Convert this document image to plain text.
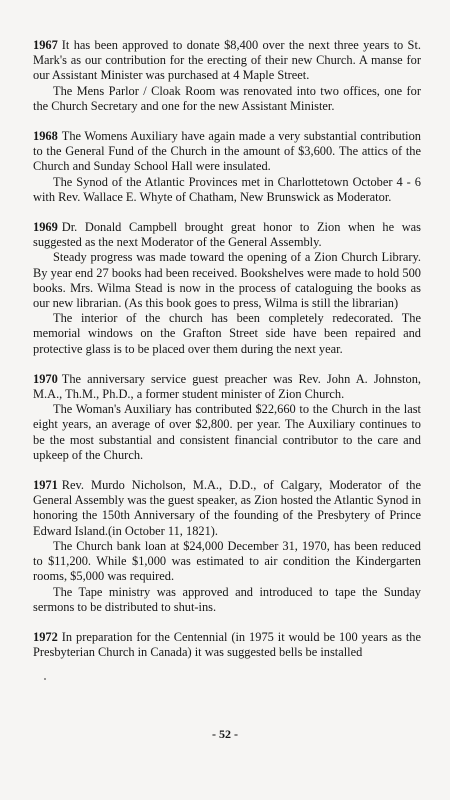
1967 It has been approved to donate $8,400 over the next three years to St. Mark's as our contribution for the erecting of their new Church. A manse for our Assistant Minister was purchased at 4 Maple Street.

The Mens Parlor / Cloak Room was renovated into two offices, one for the Church Secretary and one for the new Assistant Minister.

1968 The Womens Auxiliary have again made a very substantial contribution to the General Fund of the Church in the amount of $3,600. The attics of the Church and Sunday School Hall were insulated.

The Synod of the Atlantic Provinces met in Charlottetown October 4 - 6 with Rev. Wallace E. Whyte of Chatham, New Brunswick as Moderator.

1969 Dr. Donald Campbell brought great honor to Zion when he was suggested as the next Moderator of the General Assembly.

Steady progress was made toward the opening of a Zion Church Library. By year end 27 books had been received. Bookshelves were made to hold 500 books. Mrs. Wilma Stead is now in the process of cataloguing the books as our new librarian. (As this book goes to press, Wilma is still the librarian)

The interior of the church has been completely redecorated. The memorial windows on the Grafton Street side have been repaired and protective glass is to be placed over them during the next year.

1970 The anniversary service guest preacher was Rev. John A. Johnston, M.A., Th.M., Ph.D., a former student minister of Zion Church.

The Woman's Auxiliary has contributed $22,660 to the Church in the last eight years, an average of over $2,800. per year. The Auxiliary continues to be the most substantial and consistent financial contributor to the care and upkeep of the Church.

1971 Rev. Murdo Nicholson, M.A., D.D., of Calgary, Moderator of the General Assembly was the guest speaker, as Zion hosted the Atlantic Synod in honoring the 150th Anniversary of the founding of the Presbytery of Prince Edward Island.(in October 11, 1821).

The Church bank loan at $24,000 December 31, 1970, has been reduced to $11,200. While $1,000 was estimated to air condition the Kindergarten rooms, $5,000 was required.

The Tape ministry was approved and introduced to tape the Sunday sermons to be distributed to shut-ins.

1972 In preparation for the Centennial (in 1975 it would be 100 years as the Presbyterian Church in Canada) it was suggested bells be installed

- 52 -
